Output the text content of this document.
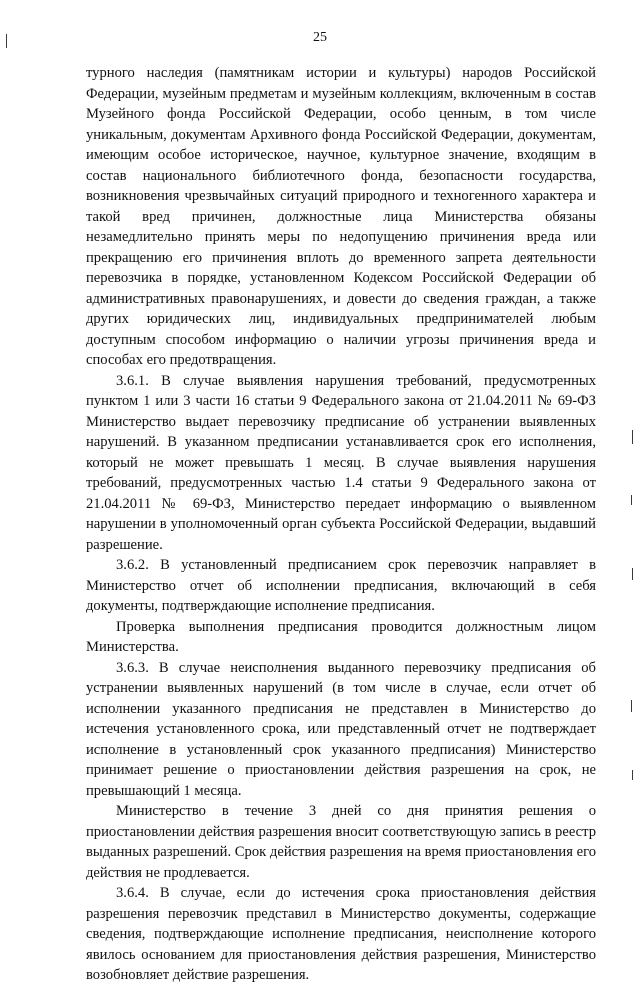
25

турного наследия (памятникам истории и культуры) народов Российской Федерации, музейным предметам и музейным коллекциям, включенным в состав Музейного фонда Российской Федерации, особо ценным, в том числе уникальным, документам Архивного фонда Российской Федерации, документам, имеющим особое историческое, научное, культурное значение, входящим в состав национального библиотечного фонда, безопасности государства, возникновения чрезвычайных ситуаций природного и техногенного характера и такой вред причинен, должностные лица Министерства обязаны незамедлительно принять меры по недопущению причинения вреда или прекращению его причинения вплоть до временного запрета деятельности перевозчика в порядке, установленном Кодексом Российской Федерации об административных правонарушениях, и довести до сведения граждан, а также других юридических лиц, индивидуальных предпринимателей любым доступным способом информацию о наличии угрозы причинения вреда и способах его предотвращения.

3.6.1. В случае выявления нарушения требований, предусмотренных пунктом 1 или 3 части 16 статьи 9 Федерального закона от 21.04.2011 № 69-ФЗ Министерство выдает перевозчику предписание об устранении выявленных нарушений. В указанном предписании устанавливается срок его исполнения, который не может превышать 1 месяц. В случае выявления нарушения требований, предусмотренных частью 1.4 статьи 9 Федерального закона от 21.04.2011 № 69-ФЗ, Министерство передает информацию о выявленном нарушении в уполномоченный орган субъекта Российской Федерации, выдавший разрешение.

3.6.2. В установленный предписанием срок перевозчик направляет в Министерство отчет об исполнении предписания, включающий в себя документы, подтверждающие исполнение предписания.

Проверка выполнения предписания проводится должностным лицом Министерства.

3.6.3. В случае неисполнения выданного перевозчику предписания об устранении выявленных нарушений (в том числе в случае, если отчет об исполнении указанного предписания не представлен в Министерство до истечения установленного срока, или представленный отчет не подтверждает исполнение в установленный срок указанного предписания) Министерство принимает решение о приостановлении действия разрешения на срок, не превышающий 1 месяца.

Министерство в течение 3 дней со дня принятия решения о приостановлении действия разрешения вносит соответствующую запись в реестр выданных разрешений. Срок действия разрешения на время приостановления его действия не продлевается.

3.6.4. В случае, если до истечения срока приостановления действия разрешения перевозчик представил в Министерство документы, содержащие сведения, подтверждающие исполнение предписания, неисполнение которого явилось основанием для приостановления действия разрешения, Министерство возобновляет действие разрешения.
